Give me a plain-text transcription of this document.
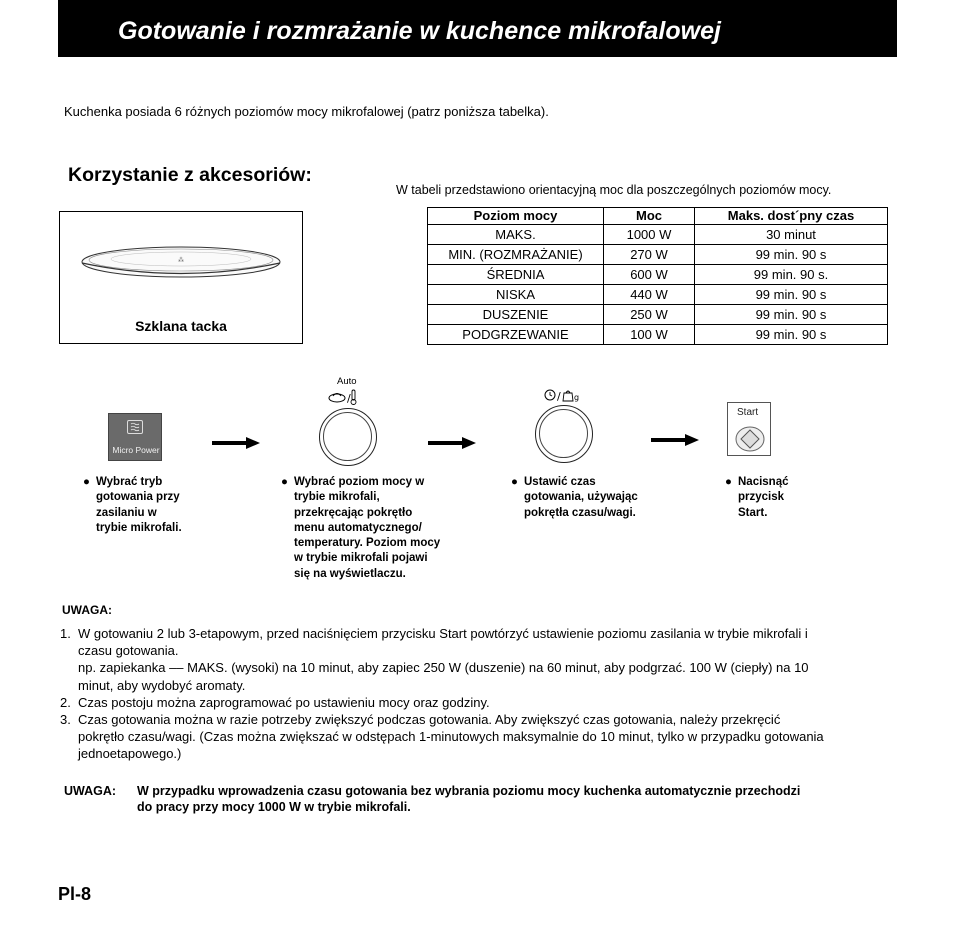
Gotowanie i rozmrażanie w kuchence mikrofalowej
Kuchenka posiada 6 różnych poziomów mocy mikrofalowej (patrz poniższa tabelka).
Korzystanie z akcesoriów:
W tabeli przedstawiono orientacyjną moc dla poszczególnych poziomów mocy.
⁂
Szklana tacka
Poziom mocy	Moc	Maks. dost´pny czas
MAKS.	1000 W	30 minut
MIN. (ROZMRAŻANIE)	270 W	99 min. 90 s
ŚREDNIA	600 W	99 min. 90 s.
NISKA	440 W	99 min. 90 s
DUSZENIE	250 W	99 min. 90 s
PODGRZEWANIE	100 W	99 min. 90 s
Micro Power
Auto
/	/ g
Start
● Wybrać tryb
gotowania przy
zasilaniu w
trybie mikrofali.
● Wybrać poziom mocy w
trybie mikrofali,
przekręcając pokrętło
menu automatycznego/
temperatury. Poziom mocy
w trybie mikrofali pojawi
się na wyświetlaczu.
● Ustawić czas
gotowania, używając
pokrętła czasu/wagi.
● Nacisnąć
przycisk
Start.
UWAGA:
1. W gotowaniu 2 lub 3-etapowym, przed naciśnięciem przycisku Start powtórzyć ustawienie poziomu zasilania w trybie mikrofali i
czasu gotowania.
np. zapiekanka –– MAKS. (wysoki) na 10 minut, aby zapiec 250 W (duszenie) na 60 minut, aby podgrzać. 100 W (ciepły) na 10
minut, aby wydobyć aromaty.
2. Czas postoju można zaprogramować po ustawieniu mocy oraz godziny.
3. Czas gotowania można w razie potrzeby zwiększyć podczas gotowania. Aby zwiększyć czas gotowania, należy przekręcić
pokrętło czasu/wagi. (Czas można zwiększać w odstępach 1-minutowych maksymalnie do 10 minut, tylko w przypadku gotowania
jednoetapowego.)
UWAGA: W przypadku wprowadzenia czasu gotowania bez wybrania poziomu mocy kuchenka automatycznie przechodzi
do pracy przy mocy 1000 W w trybie mikrofali.
Pl-8
